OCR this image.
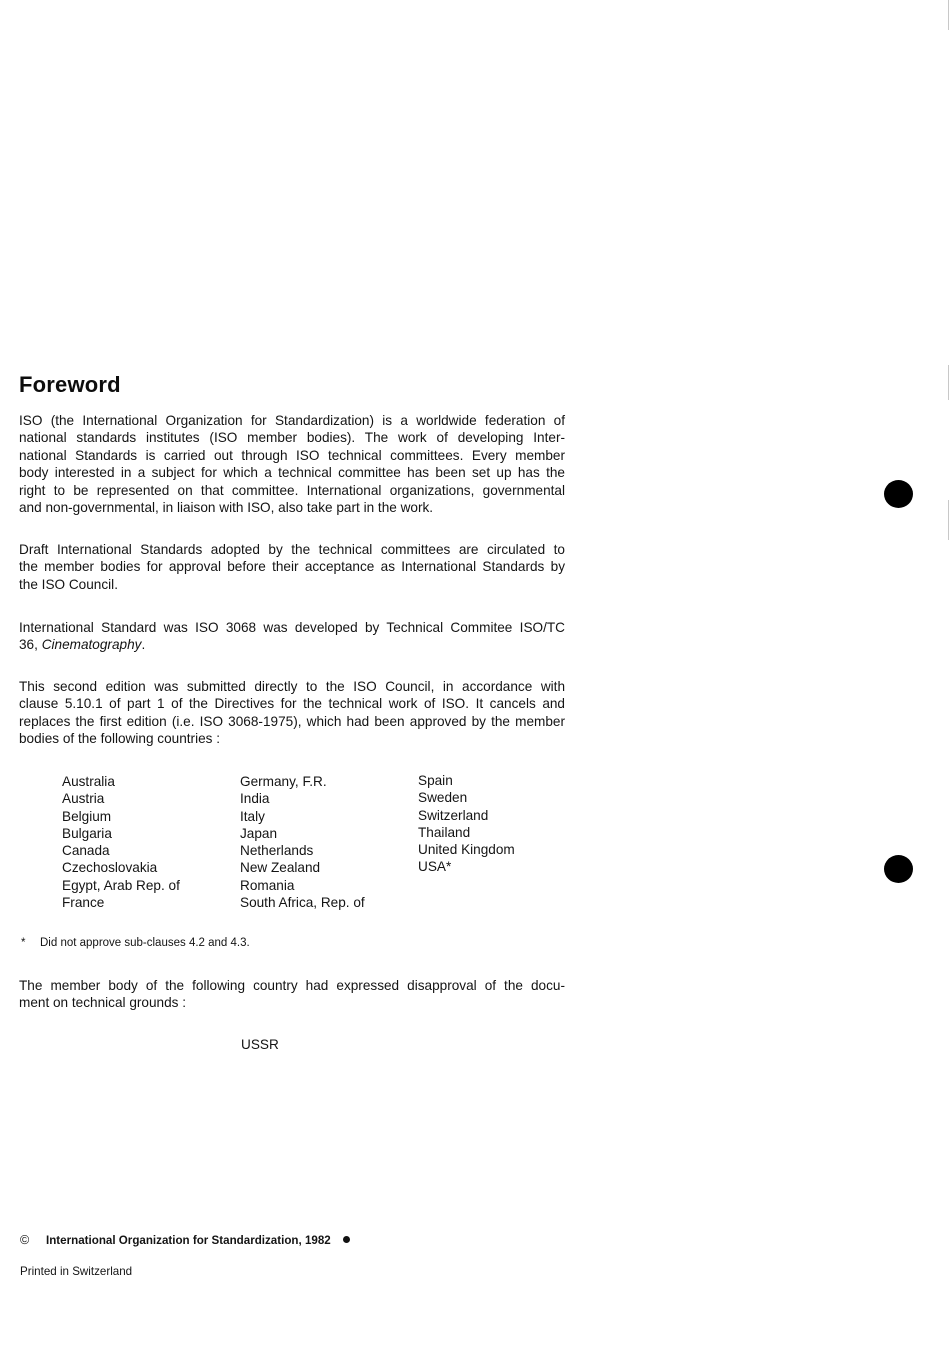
Foreword

ISO (the International Organization for Standardization) is a worldwide federation of
national standards institutes (ISO member bodies). The work of developing Inter-
national Standards is carried out through ISO technical committees. Every member
body interested in a subject for which a technical committee has been set up has the
right to be represented on that committee. International organizations, governmental
and non-governmental, in liaison with ISO, also take part in the work.

Draft International Standards adopted by the technical committees are circulated to
the member bodies for approval before their acceptance as International Standards by
the ISO Council.

International Standard was ISO 3068 was developed by Technical Commitee ISO/TC
36, Cinematography.

This second edition was submitted directly to the ISO Council, in accordance with
clause 5.10.1 of part 1 of the Directives for the technical work of ISO. It cancels and
replaces the first edition (i.e. ISO 3068-1975), which had been approved by the member
bodies of the following countries :

Australia
Austria
Belgium
Bulgaria
Canada
Czechoslovakia
Egypt, Arab Rep. of
France
Germany, F.R.
India
Italy
Japan
Netherlands
New Zealand
Romania
South Africa, Rep. of
Spain
Sweden
Switzerland
Thailand
United Kingdom
USA*
* Did not approve sub-clauses 4.2 and 4.3.

The member body of the following country had expressed disapproval of the docu-
ment on technical grounds :

USSR
© International Organization for Standardization, 1982
Printed in Switzerland
